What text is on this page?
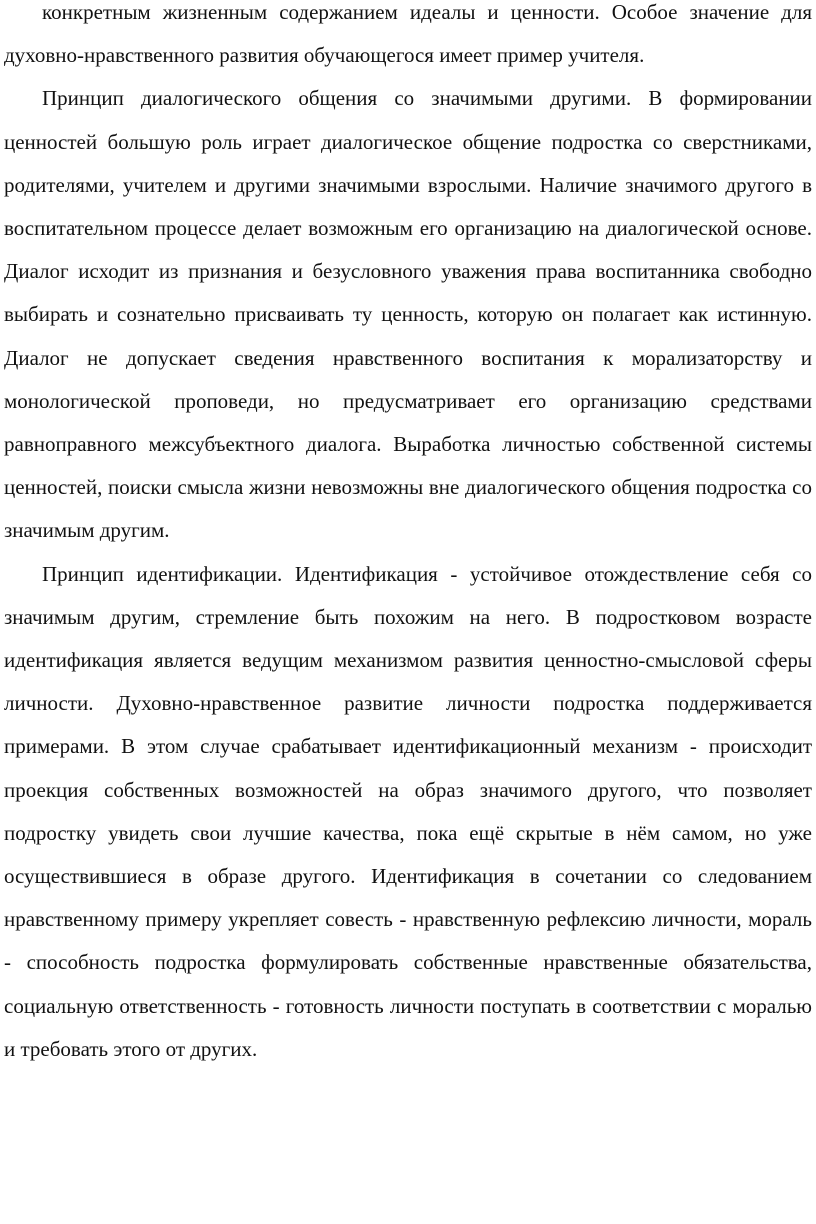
конкретным жизненным содержанием идеалы и ценности. Особое значение для духовно-нравственного развития обучающегося имеет пример учителя.

Принцип диалогического общения со значимыми другими. В формировании ценностей большую роль играет диалогическое общение подростка со сверстниками, родителями, учителем и другими значимыми взрослыми. Наличие значимого другого в воспитательном процессе делает возможным его организацию на диалогической основе. Диалог исходит из признания и безусловного уважения права воспитанника свободно выбирать и сознательно присваивать ту ценность, которую он полагает как истинную. Диалог не допускает сведения нравственного воспитания к морализаторству и монологической проповеди, но предусматривает его организацию средствами равноправного межсубъектного диалога. Выработка личностью собственной системы ценностей, поиски смысла жизни невозможны вне диалогического общения подростка со значимым другим.

Принцип идентификации. Идентификация - устойчивое отождествление себя со значимым другим, стремление быть похожим на него. В подростковом возрасте идентификация является ведущим механизмом развития ценностно-смысловой сферы личности. Духовно-нравственное развитие личности подростка поддерживается примерами. В этом случае срабатывает идентификационный механизм - происходит проекция собственных возможностей на образ значимого другого, что позволяет подростку увидеть свои лучшие качества, пока ещё скрытые в нём самом, но уже осуществившиеся в образе другого. Идентификация в сочетании со следованием нравственному примеру укрепляет совесть - нравственную рефлексию личности, мораль - способность подростка формулировать собственные нравственные обязательства, социальную ответственность - готовность личности поступать в соответствии с моралью и требовать этого от других.
